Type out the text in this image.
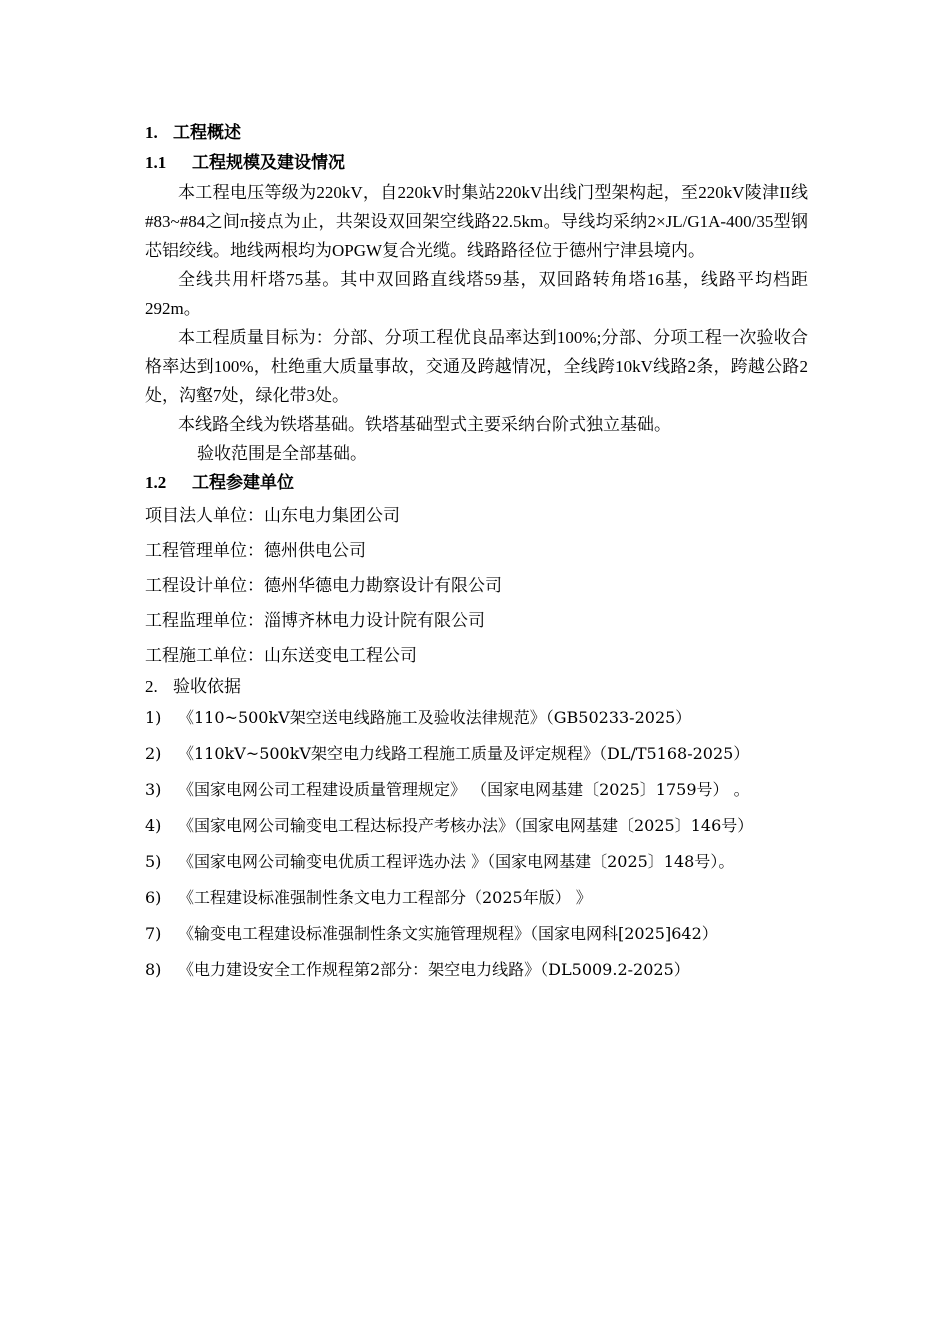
1. 工程概述
1.1 工程规模及建设情况

本工程电压等级为220kV，自220kV时集站220kV出线门型架构起，至220kV陵津II线#83~#84之间π接点为止，共架设双回架空线路22.5km。导线均采纳2×JL/G1A-400/35型钢芯铝绞线。地线两根均为OPGW复合光缆。线路路径位于德州宁津县境内。

全线共用杆塔75基。其中双回路直线塔59基，双回路转角塔16基，线路平均档距292m。

本工程质量目标为：分部、分项工程优良品率达到100%;分部、分项工程一次验收合格率达到100%，杜绝重大质量事故，交通及跨越情况，全线跨10kV线路2条，跨越公路2处，沟壑7处，绿化带3处。

本线路全线为铁塔基础。铁塔基础型式主要采纳台阶式独立基础。

验收范围是全部基础。

1.2 工程参建单位
项目法人单位：山东电力集团公司
工程管理单位：德州供电公司
工程设计单位：德州华德电力勘察设计有限公司
工程监理单位：淄博齐林电力设计院有限公司
工程施工单位：山东送变电工程公司
2. 验收依据
1) 《110~500kV架空送电线路施工及验收法律规范》（GB50233-2025）
2) 《110kV~500kV架空电力线路工程施工质量及评定规程》（DL/T5168-2025）
3) 《国家电网公司工程建设质量管理规定》 （国家电网基建〔2025〕1759号） 。
4) 《国家电网公司输变电工程达标投产考核办法》（国家电网基建〔2025〕146号）
5) 《国家电网公司输变电优质工程评选办法 》（国家电网基建〔2025〕148号）。
6) 《工程建设标准强制性条文电力工程部分（2025年版） 》
7) 《输变电工程建设标准强制性条文实施管理规程》（国家电网科[2025]642）
8) 《电力建设安全工作规程第2部分：架空电力线路》（DL5009.2-2025）
